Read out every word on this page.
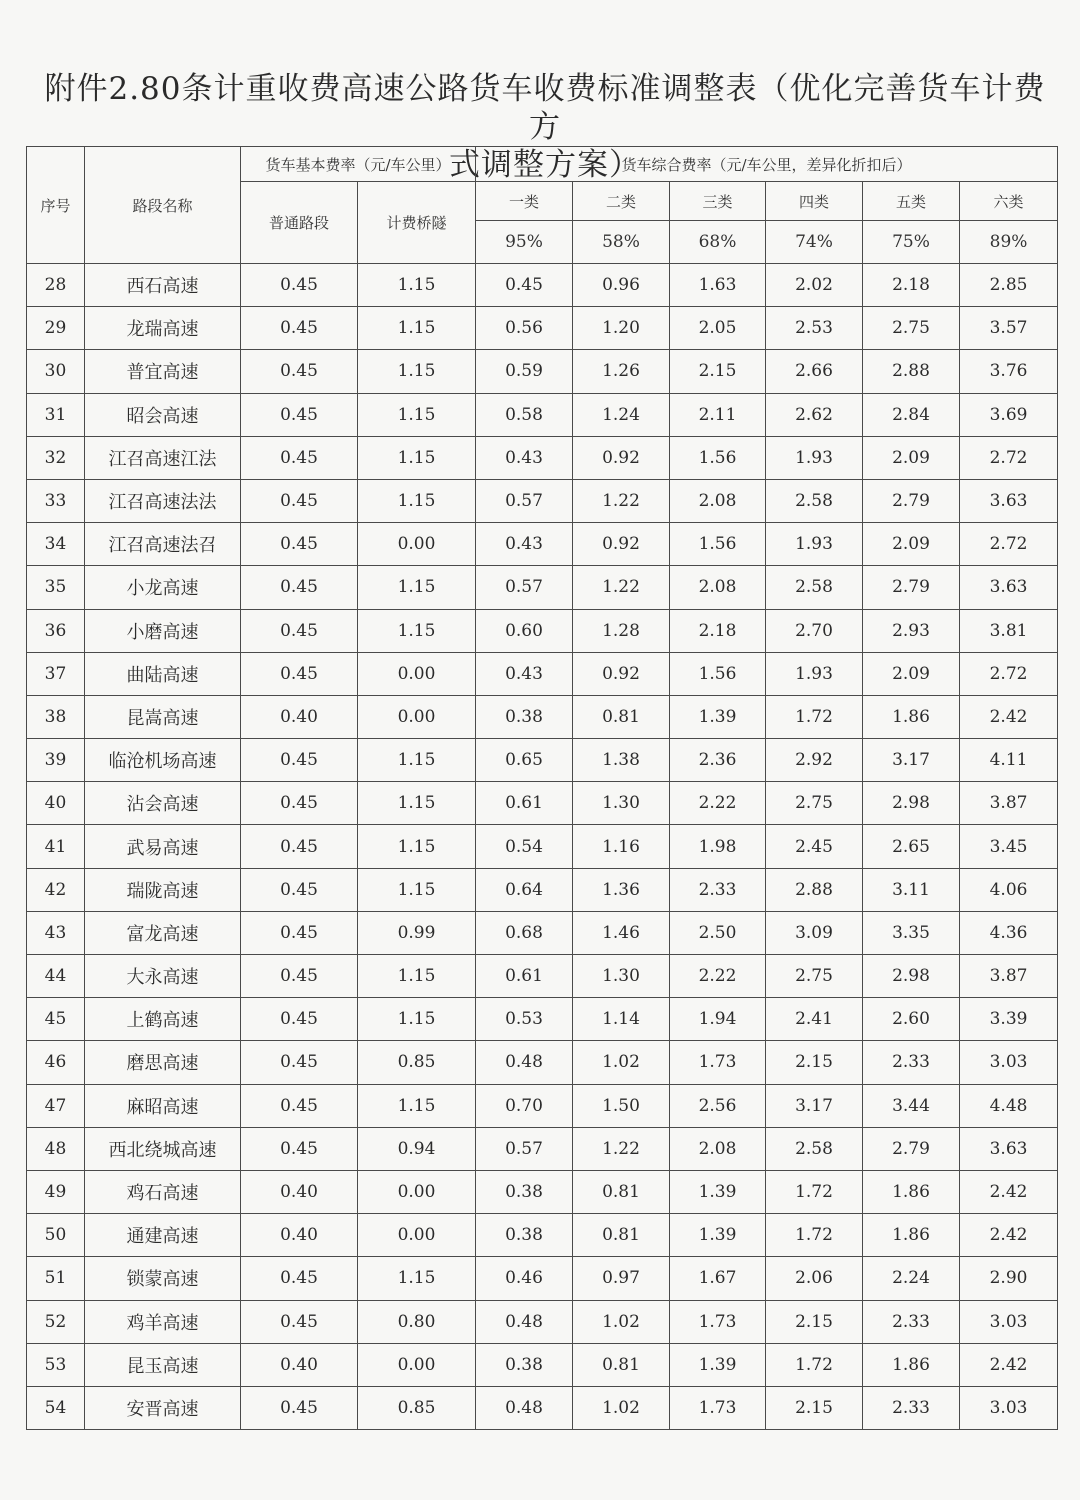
附件2.80条计重收费高速公路货车收费标准调整表（优化完善货车计费方
式调整方案）
序号	路段名称	货车基本费率（元/车公里）		货车综合费率（元/车公里，差异化折扣后）					
		普通路段	计费桥隧	一类	二类	三类	四类	五类	六类
				95%	58%	68%	74%	75%	89%
28	西石高速	0.45	1.15	0.45	0.96	1.63	2.02	2.18	2.85
29	龙瑞高速	0.45	1.15	0.56	1.20	2.05	2.53	2.75	3.57
30	普宜高速	0.45	1.15	0.59	1.26	2.15	2.66	2.88	3.76
31	昭会高速	0.45	1.15	0.58	1.24	2.11	2.62	2.84	3.69
32	江召高速江法	0.45	1.15	0.43	0.92	1.56	1.93	2.09	2.72
33	江召高速法法	0.45	1.15	0.57	1.22	2.08	2.58	2.79	3.63
34	江召高速法召	0.45	0.00	0.43	0.92	1.56	1.93	2.09	2.72
35	小龙高速	0.45	1.15	0.57	1.22	2.08	2.58	2.79	3.63
36	小磨高速	0.45	1.15	0.60	1.28	2.18	2.70	2.93	3.81
37	曲陆高速	0.45	0.00	0.43	0.92	1.56	1.93	2.09	2.72
38	昆嵩高速	0.40	0.00	0.38	0.81	1.39	1.72	1.86	2.42
39	临沧机场高速	0.45	1.15	0.65	1.38	2.36	2.92	3.17	4.11
40	沾会高速	0.45	1.15	0.61	1.30	2.22	2.75	2.98	3.87
41	武易高速	0.45	1.15	0.54	1.16	1.98	2.45	2.65	3.45
42	瑞陇高速	0.45	1.15	0.64	1.36	2.33	2.88	3.11	4.06
43	富龙高速	0.45	0.99	0.68	1.46	2.50	3.09	3.35	4.36
44	大永高速	0.45	1.15	0.61	1.30	2.22	2.75	2.98	3.87
45	上鹤高速	0.45	1.15	0.53	1.14	1.94	2.41	2.60	3.39
46	磨思高速	0.45	0.85	0.48	1.02	1.73	2.15	2.33	3.03
47	麻昭高速	0.45	1.15	0.70	1.50	2.56	3.17	3.44	4.48
48	西北绕城高速	0.45	0.94	0.57	1.22	2.08	2.58	2.79	3.63
49	鸡石高速	0.40	0.00	0.38	0.81	1.39	1.72	1.86	2.42
50	通建高速	0.40	0.00	0.38	0.81	1.39	1.72	1.86	2.42
51	锁蒙高速	0.45	1.15	0.46	0.97	1.67	2.06	2.24	2.90
52	鸡羊高速	0.45	0.80	0.48	1.02	1.73	2.15	2.33	3.03
53	昆玉高速	0.40	0.00	0.38	0.81	1.39	1.72	1.86	2.42
54	安晋高速	0.45	0.85	0.48	1.02	1.73	2.15	2.33	3.03
